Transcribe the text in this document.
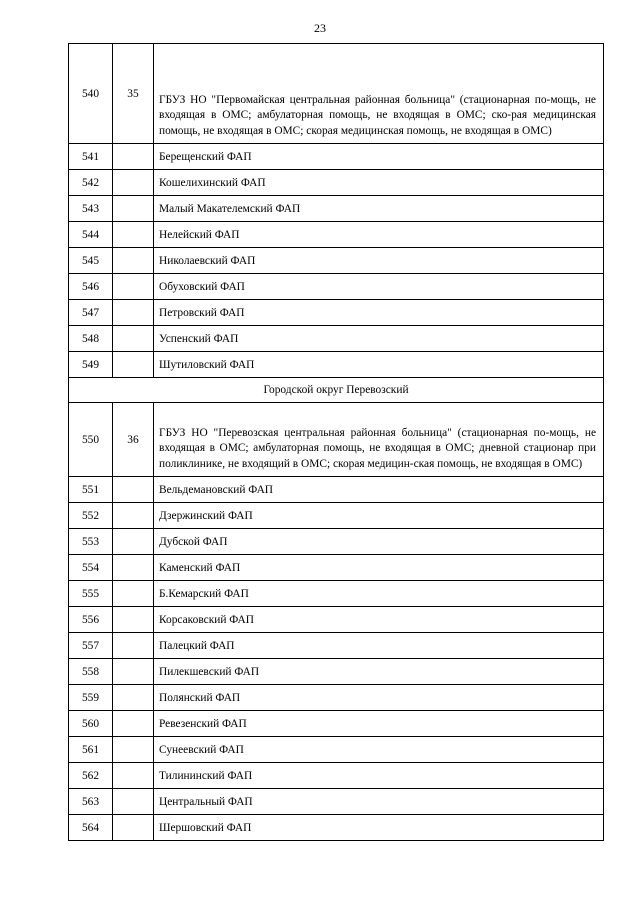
23
540	35	ГБУЗ НО "Первомайская центральная районная больница" (стационарная по-мощь, не входящая в ОМС; амбулаторная помощь, не входящая в ОМС; ско-рая медицинская помощь, не входящая в ОМС; скорая медицинская помощь, не входящая в ОМС)
541		Берещенский ФАП
542		Кошелихинский ФАП
543		Малый Макателемский ФАП
544		Нелейский ФАП
545		Николаевский ФАП
546		Обуховский ФАП
547		Петровский ФАП
548		Успенский ФАП
549		Шутиловский ФАП
Городской округ Перевозский		
550	36	ГБУЗ НО "Перевозская центральная районная больница" (стационарная по-мощь, не входящая в ОМС; амбулаторная помощь, не входящая в ОМС; дневной стационар при поликлинике, не входящий в ОМС; скорая медицин-ская помощь, не входящая в ОМС)
551		Вельдемановский ФАП
552		Дзержинский ФАП
553		Дубской ФАП
554		Каменский ФАП
555		Б.Кемарский ФАП
556		Корсаковский ФАП
557		Палецкий ФАП
558		Пилекшевский ФАП
559		Полянский ФАП
560		Ревезенский ФАП
561		Сунеевский ФАП
562		Тилининский ФАП
563		Центральный ФАП
564		Шершовский ФАП
